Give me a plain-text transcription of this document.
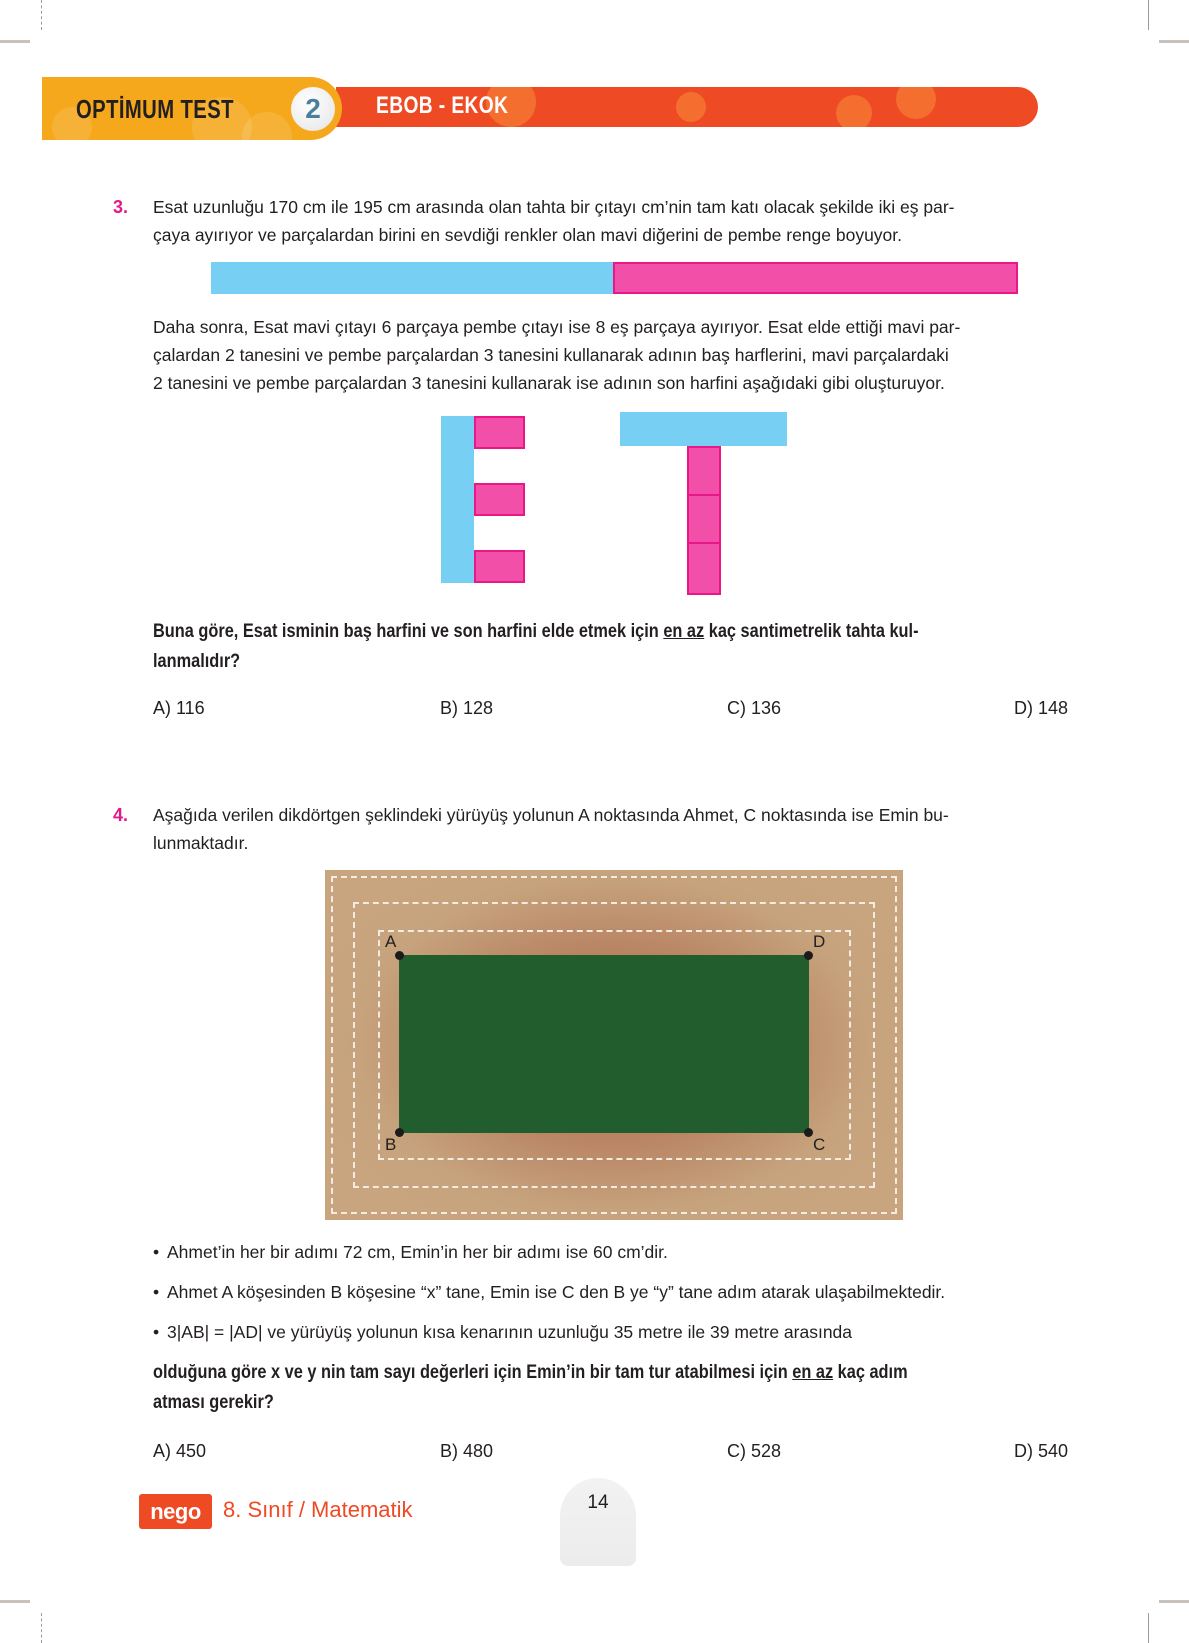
EBOB - EKOK
OPTİMUM TEST	2
3. Esat uzunluğu 170 cm ile 195 cm arasında olan tahta bir çıtayı cm’nin tam katı olacak şekilde iki eş par-
çaya ayırıyor ve parçalardan birini en sevdiği renkler olan mavi diğerini de pembe renge boyuyor.
Daha sonra, Esat mavi çıtayı 6 parçaya pembe çıtayı ise 8 eş parçaya ayırıyor. Esat elde ettiği mavi par-
çalardan 2 tanesini ve pembe parçalardan 3 tanesini kullanarak adının baş harflerini, mavi parçalardaki
2 tanesini ve pembe parçalardan 3 tanesini kullanarak ise adının son harfini aşağıdaki gibi oluşturuyor.
Buna göre, Esat isminin baş harfini ve son harfini elde etmek için en az kaç santimetrelik tahta kul-
lanmalıdır?
A) 116	B) 128	C) 136	D) 148
4. Aşağıda verilen dikdörtgen şeklindeki yürüyüş yolunun A noktasında Ahmet, C noktasında ise Emin bu-
lunmaktadır.
A	D
B	C
• Ahmet’in her bir adımı 72 cm, Emin’in her bir adımı ise 60 cm’dir.
• Ahmet A köşesinden B köşesine “x” tane, Emin ise C den B ye “y” tane adım atarak ulaşabilmektedir.
• 3|AB| = |AD| ve yürüyüş yolunun kısa kenarının uzunluğu 35 metre ile 39 metre arasında
olduğuna göre x ve y nin tam sayı değerleri için Emin’in bir tam tur atabilmesi için en az kaç adım
atması gerekir?
A) 450	B) 480	C) 528	D) 540
14
nego	8. Sınıf / Matematik
